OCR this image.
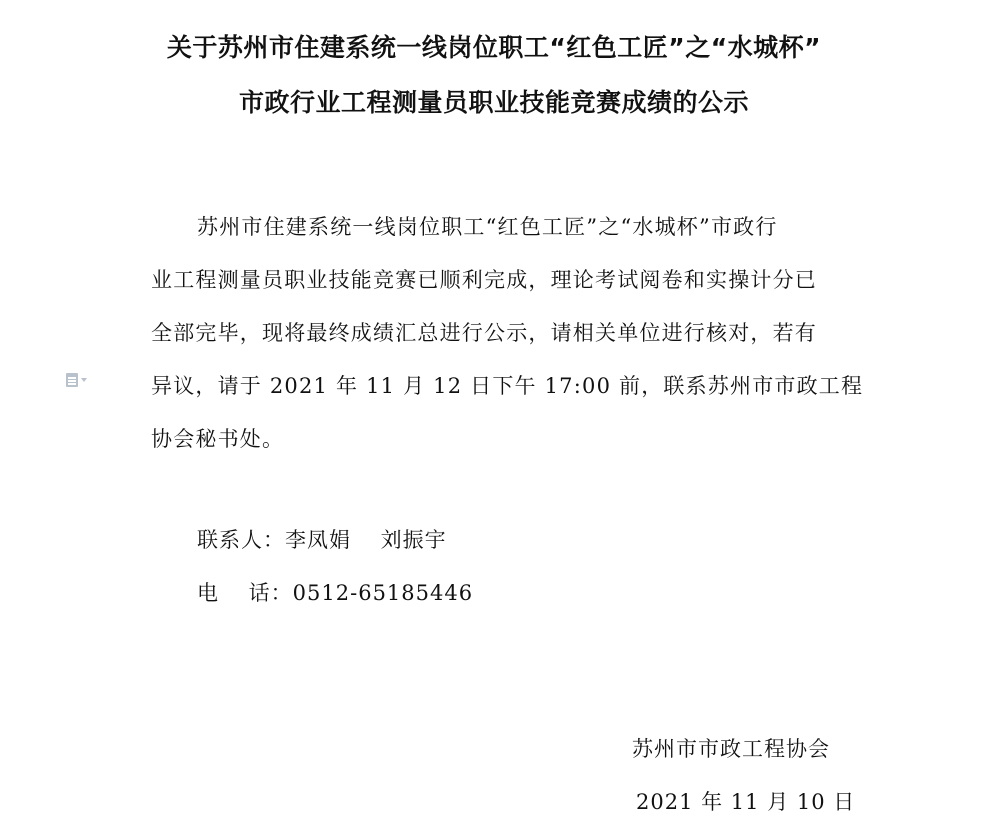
关于苏州市住建系统一线岗位职工“红色工匠”之“水城杯”
市政行业工程测量员职业技能竞赛成绩的公示
苏州市住建系统一线岗位职工“红色工匠”之“水城杯”市政行
业工程测量员职业技能竞赛已顺利完成，理论考试阅卷和实操计分已
全部完毕，现将最终成绩汇总进行公示，请相关单位进行核对，若有
异议，请于 2021 年 11 月 12 日下午 17:00 前，联系苏州市市政工程
协会秘书处。
联系人：李凤娟　 刘振宇
电　 话：0512-65185446
苏州市市政工程协会
2021 年 11 月 10 日
